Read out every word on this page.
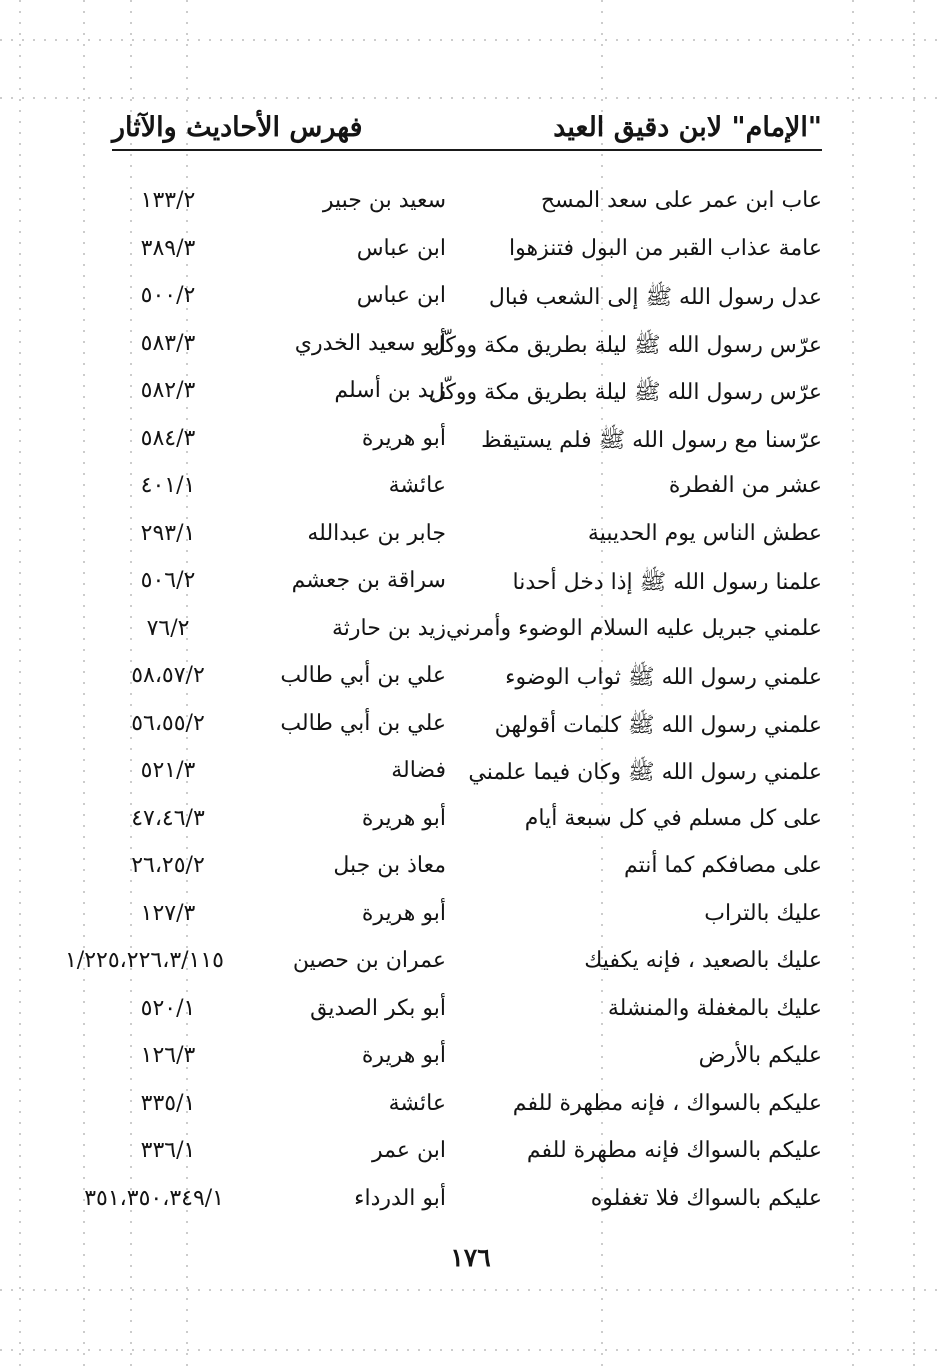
"الإمام" لابن دقيق العيد
فهرس الأحاديث والآثار
عاب ابن عمر على سعد المسح
سعيد بن جبير
١٣٣/٢
عامة عذاب القبر من البول فتنزهوا
ابن عباس
٣٨٩/٣
عدل رسول الله ﷺ إلى الشعب فبال
ابن عباس
٥٠٠/٢
عرّس رسول الله ﷺ ليلة بطريق مكة ووكّل
أبو سعيد الخدري
٥٨٣/٣
عرّس رسول الله ﷺ ليلة بطريق مكة ووكّل
زيد بن أسلم
٥٨٢/٣
عرّسنا مع رسول الله ﷺ فلم يستيقظ
أبو هريرة
٥٨٤/٣
عشر من الفطرة
عائشة
٤٠١/١
عطش الناس يوم الحديبية
جابر بن عبدالله
٢٩٣/١
علمنا رسول الله ﷺ إذا دخل أحدنا
سراقة بن جعشم
٥٠٦/٢
علمني جبريل عليه السلام الوضوء وأمرني
زيد بن حارثة
٧٦/٢
علمني رسول الله ﷺ ثواب الوضوء
علي بن أبي طالب
٥٨،٥٧/٢
علمني رسول الله ﷺ كلمات أقولهن
علي بن أبي طالب
٥٦،٥٥/٢
علمني رسول الله ﷺ وكان فيما علمني
فضالة
٥٢١/٣
على كل مسلم في كل سبعة أيام
أبو هريرة
٤٧،٤٦/٣
على مصافكم كما أنتم
معاذ بن جبل
٢٦،٢٥/٢
عليك بالتراب
أبو هريرة
١٢٧/٣
عليك بالصعيد ، فإنه يكفيك
عمران بن حصين
١/٢٢٥،٢٢٦،٣/١١٥
عليك بالمغفلة والمنشلة
أبو بكر الصديق
٥٢٠/١
عليكم بالأرض
أبو هريرة
١٢٦/٣
عليكم بالسواك ، فإنه مطهرة للفم
عائشة
٣٣٥/١
عليكم بالسواك فإنه مطهرة للفم
ابن عمر
٣٣٦/١
عليكم بالسواك فلا تغفلوه
أبو الدرداء
٣٥١،٣٥٠،٣٤٩/١
١٧٦
